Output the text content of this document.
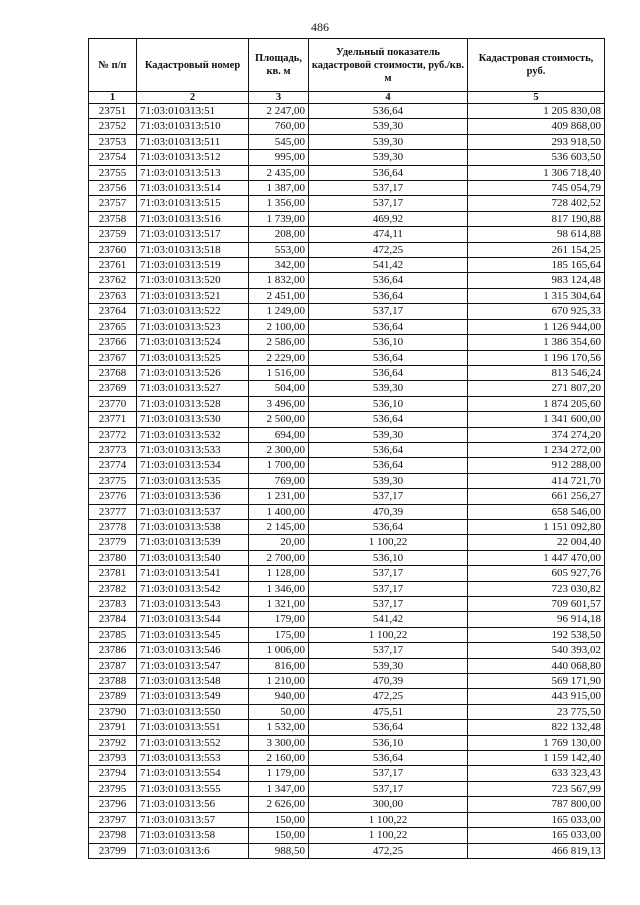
486
№ п/п	Кадастровый номер	Площадь, кв. м	Удельный показатель кадастровой стоимости, руб./кв. м	Кадастровая стоимость, руб.
1	2	3	4	5
23751	71:03:010313:51	2 247,00	536,64	1 205 830,08
23752	71:03:010313:510	760,00	539,30	409 868,00
23753	71:03:010313:511	545,00	539,30	293 918,50
23754	71:03:010313:512	995,00	539,30	536 603,50
23755	71:03:010313:513	2 435,00	536,64	1 306 718,40
23756	71:03:010313:514	1 387,00	537,17	745 054,79
23757	71:03:010313:515	1 356,00	537,17	728 402,52
23758	71:03:010313:516	1 739,00	469,92	817 190,88
23759	71:03:010313:517	208,00	474,11	98 614,88
23760	71:03:010313:518	553,00	472,25	261 154,25
23761	71:03:010313:519	342,00	541,42	185 165,64
23762	71:03:010313:520	1 832,00	536,64	983 124,48
23763	71:03:010313:521	2 451,00	536,64	1 315 304,64
23764	71:03:010313:522	1 249,00	537,17	670 925,33
23765	71:03:010313:523	2 100,00	536,64	1 126 944,00
23766	71:03:010313:524	2 586,00	536,10	1 386 354,60
23767	71:03:010313:525	2 229,00	536,64	1 196 170,56
23768	71:03:010313:526	1 516,00	536,64	813 546,24
23769	71:03:010313:527	504,00	539,30	271 807,20
23770	71:03:010313:528	3 496,00	536,10	1 874 205,60
23771	71:03:010313:530	2 500,00	536,64	1 341 600,00
23772	71:03:010313:532	694,00	539,30	374 274,20
23773	71:03:010313:533	2 300,00	536,64	1 234 272,00
23774	71:03:010313:534	1 700,00	536,64	912 288,00
23775	71:03:010313:535	769,00	539,30	414 721,70
23776	71:03:010313:536	1 231,00	537,17	661 256,27
23777	71:03:010313:537	1 400,00	470,39	658 546,00
23778	71:03:010313:538	2 145,00	536,64	1 151 092,80
23779	71:03:010313:539	20,00	1 100,22	22 004,40
23780	71:03:010313:540	2 700,00	536,10	1 447 470,00
23781	71:03:010313:541	1 128,00	537,17	605 927,76
23782	71:03:010313:542	1 346,00	537,17	723 030,82
23783	71:03:010313:543	1 321,00	537,17	709 601,57
23784	71:03:010313:544	179,00	541,42	96 914,18
23785	71:03:010313:545	175,00	1 100,22	192 538,50
23786	71:03:010313:546	1 006,00	537,17	540 393,02
23787	71:03:010313:547	816,00	539,30	440 068,80
23788	71:03:010313:548	1 210,00	470,39	569 171,90
23789	71:03:010313:549	940,00	472,25	443 915,00
23790	71:03:010313:550	50,00	475,51	23 775,50
23791	71:03:010313:551	1 532,00	536,64	822 132,48
23792	71:03:010313:552	3 300,00	536,10	1 769 130,00
23793	71:03:010313:553	2 160,00	536,64	1 159 142,40
23794	71:03:010313:554	1 179,00	537,17	633 323,43
23795	71:03:010313:555	1 347,00	537,17	723 567,99
23796	71:03:010313:56	2 626,00	300,00	787 800,00
23797	71:03:010313:57	150,00	1 100,22	165 033,00
23798	71:03:010313:58	150,00	1 100,22	165 033,00
23799	71:03:010313:6	988,50	472,25	466 819,13
